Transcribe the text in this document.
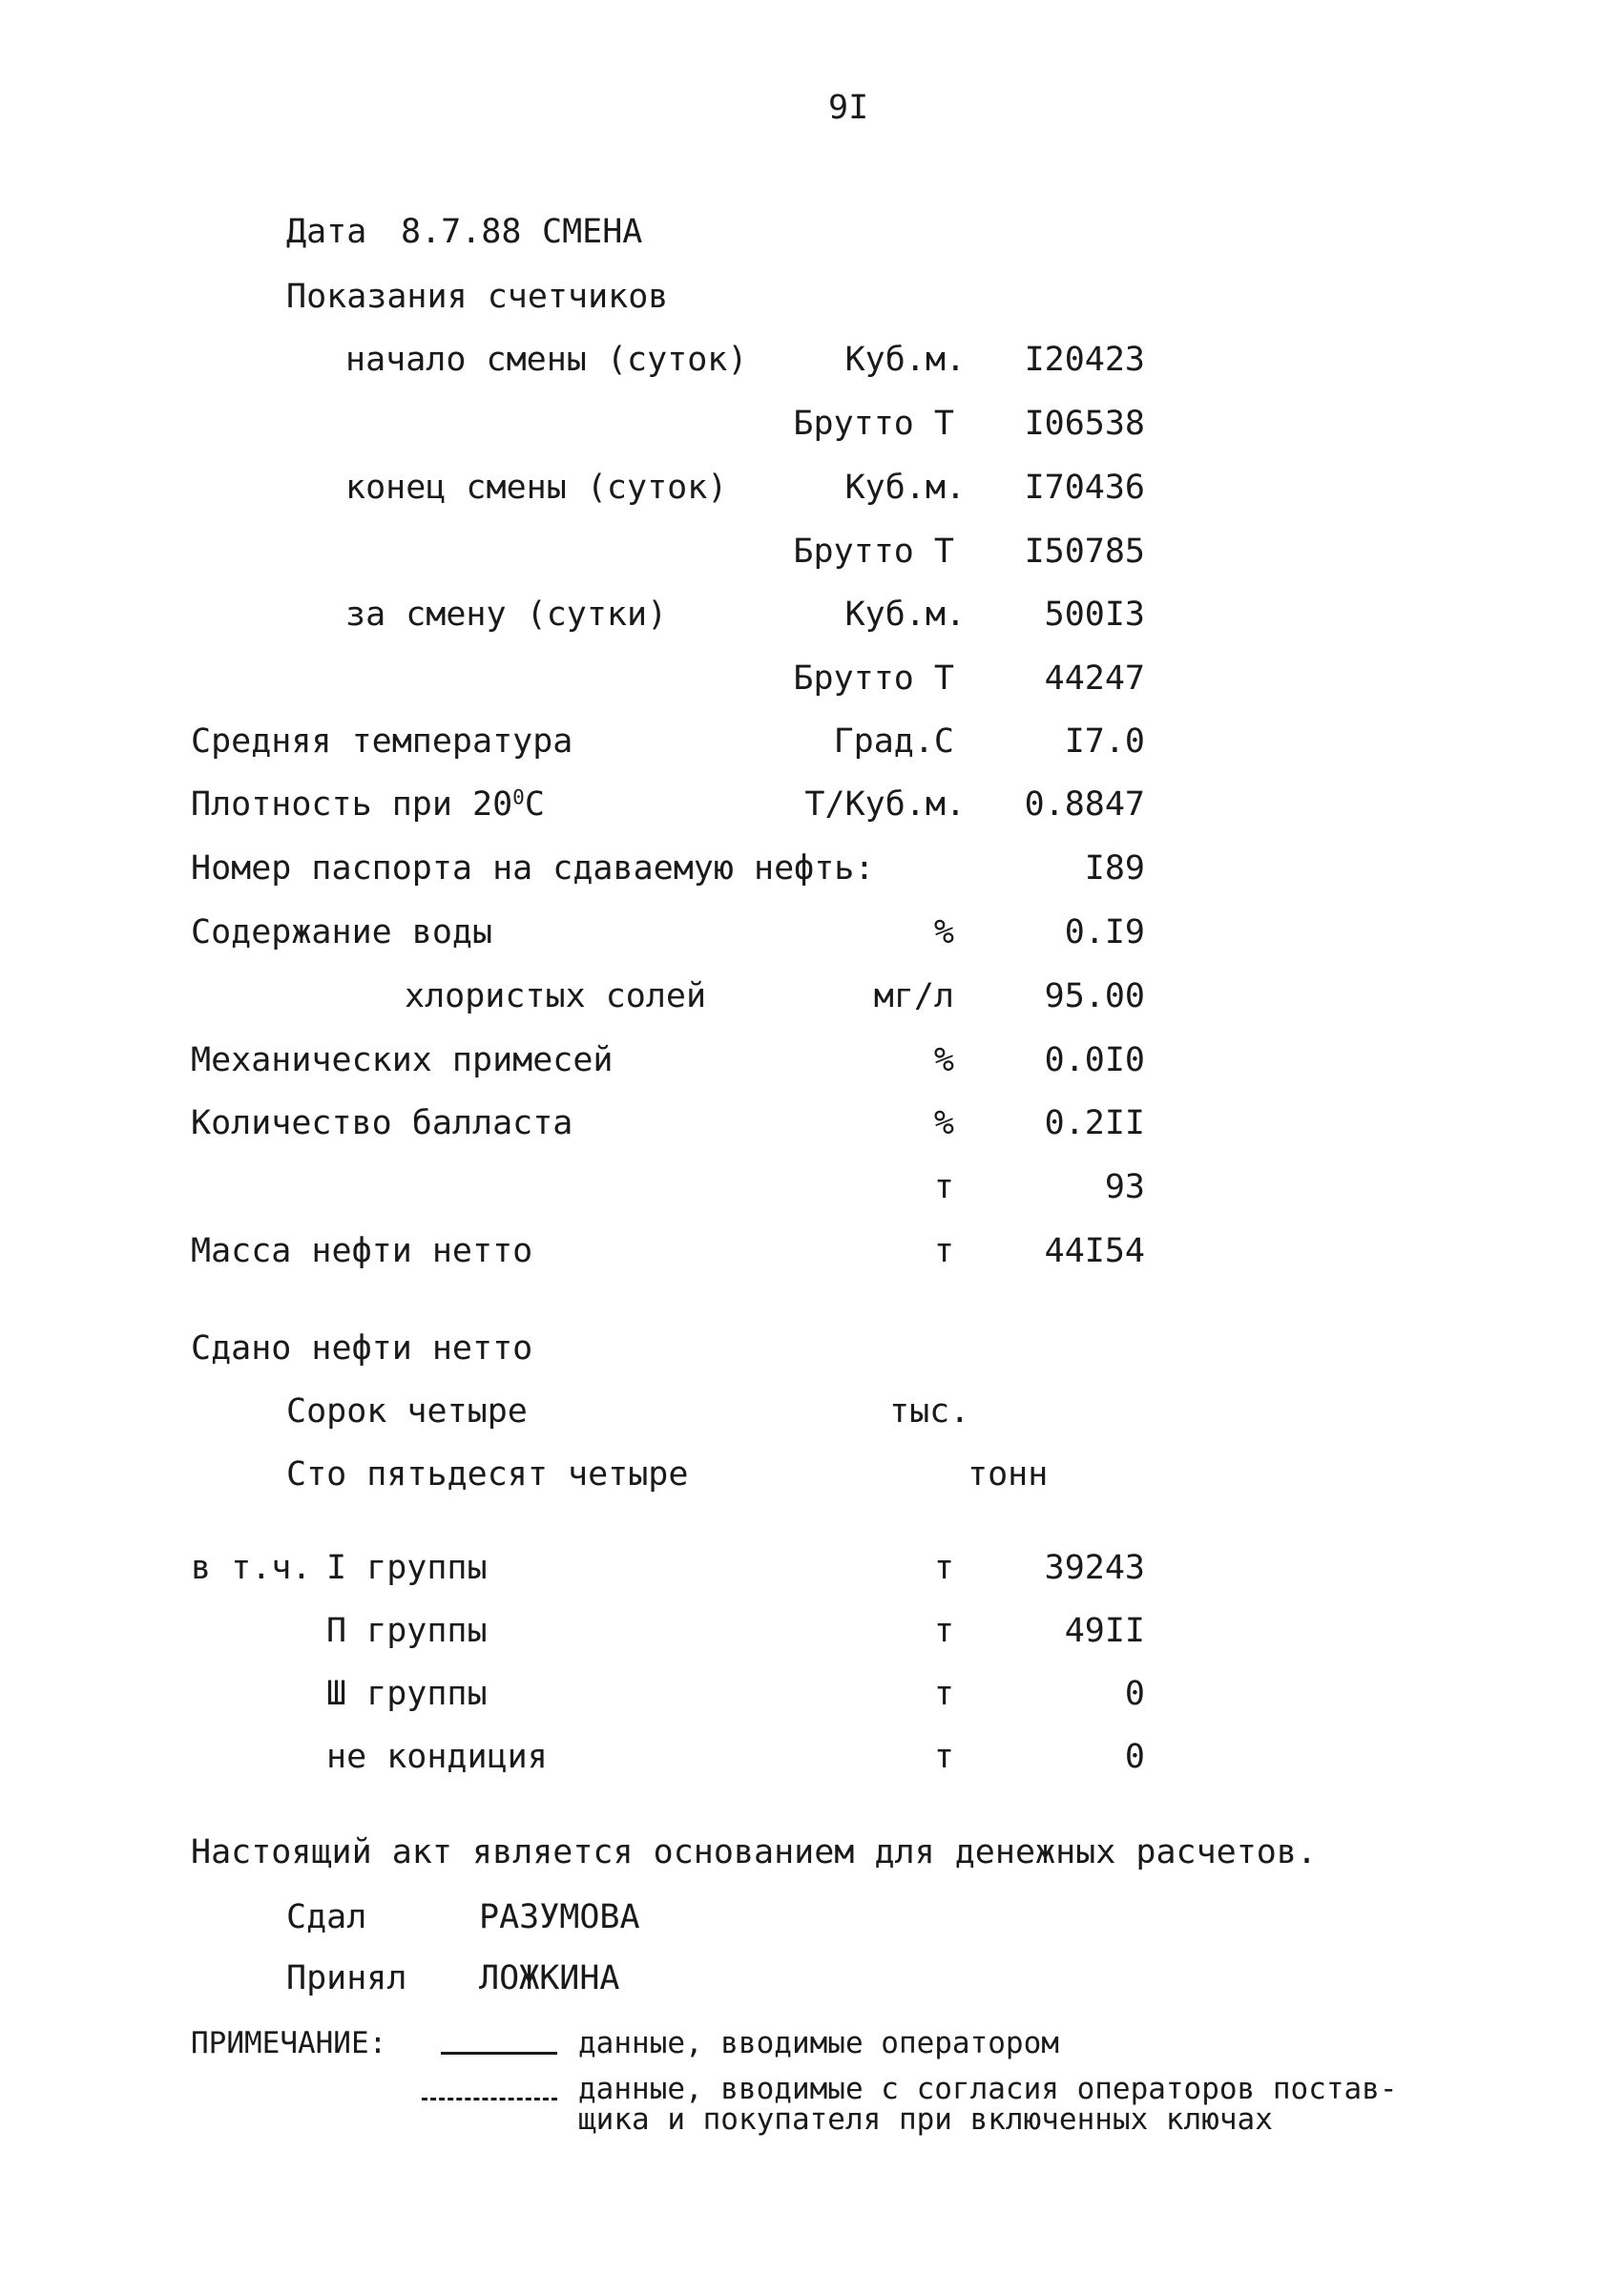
9I
Дата 8.7.88 СМЕНА
Показания счетчиков
начало смены (суток)	Куб.м.	I20423
Брутто Т	I06538
конец смены (суток)	Куб.м.	I70436
Брутто Т	I50785
за смену (сутки)	Куб.м.	500I3
Брутто Т	44247
Средняя температура	Град.С	I7.0
Плотность при $20^0С$	Т/Куб.м.	0.8847
Номер паспорта на сдаваемую нефть:	I89
Содержание воды	%	0.I9
хлористых солей	мг/л	95.00
Механических примесей	%	0.0I0
Количество балласта	%	0.2II
т	93
Масса нефти нетто	т	44I54
Сдано нефти нетто
Сорок четыре	тыс.
Сто пятьдесят четыре	тонн
в т.ч. I группы	т	39243
П группы	т	49II
Ш группы	т	0
не кондиция	т	0
Настоящий акт является основанием для денежных расчетов.
Сдал	РАЗУМОВА
Принял ЛОЖКИНА
ПРИМЕЧАНИЕ:	данные, вводимые оператором
данные, вводимые с согласия операторов постав-
щика и покупателя при включенных ключах
